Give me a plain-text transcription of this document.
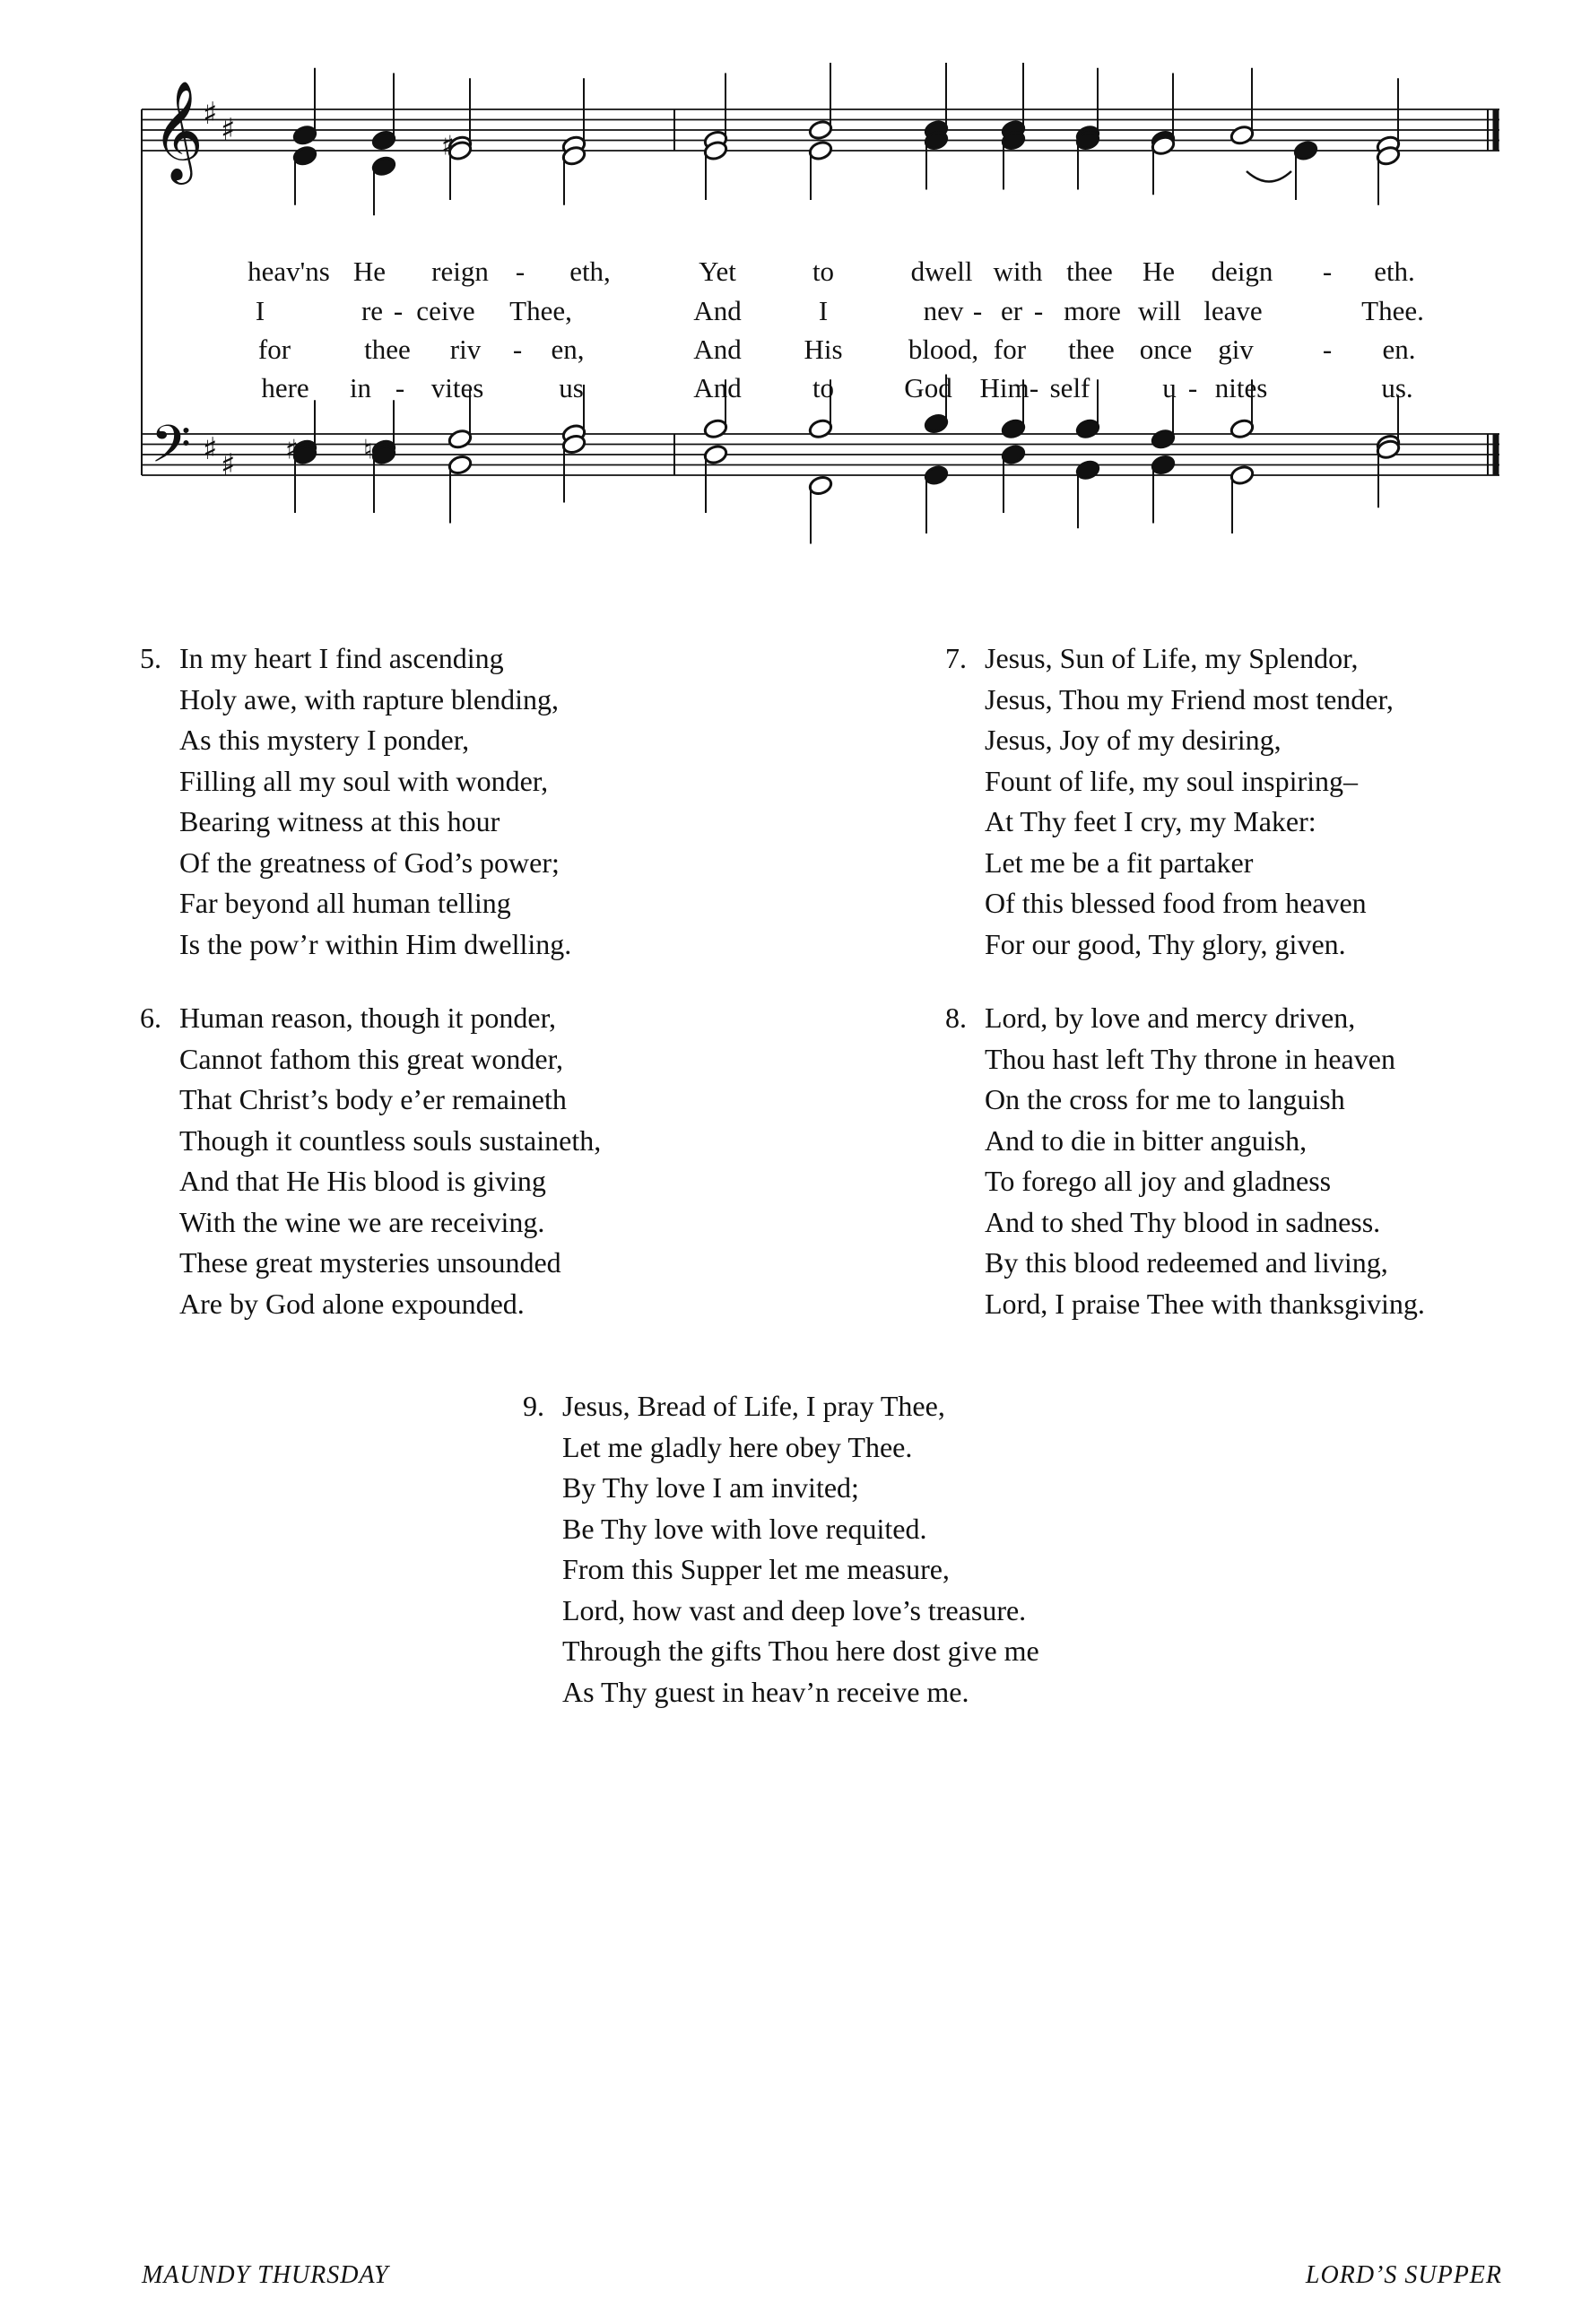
𝄞
𝄢
♯ ♯
♯ ♯
♯
♯ ♮
heav'ns He reign - eth,	Yet	to	dwell with thee He deign - eth.
I	re - ceive Thee,	And	I	nev - er - more will leave	Thee.
for	thee riv - en,	And His blood, for thee once giv - en.
here in - vites	us	And	to	God Him - self	u - nites	us.
5. In my heart I find ascending
Holy awe, with rapture blending,
As this mystery I ponder,
Filling all my soul with wonder,
Bearing witness at this hour
Of the greatness of God’s power;
Far beyond all human telling
Is the pow’r within Him dwelling.
7. Jesus, Sun of Life, my Splendor,
Jesus, Thou my Friend most tender,
Jesus, Joy of my desiring,
Fount of life, my soul inspiring–
At Thy feet I cry, my Maker:
Let me be a fit partaker
Of this blessed food from heaven
For our good, Thy glory, given.
6. Human reason, though it ponder,
Cannot fathom this great wonder,
That Christ’s body e’er remaineth
Though it countless souls sustaineth,
And that He His blood is giving
With the wine we are receiving.
These great mysteries unsounded
Are by God alone expounded.
8. Lord, by love and mercy driven,
Thou hast left Thy throne in heaven
On the cross for me to languish
And to die in bitter anguish,
To forego all joy and gladness
And to shed Thy blood in sadness.
By this blood redeemed and living,
Lord, I praise Thee with thanksgiving.
9. Jesus, Bread of Life, I pray Thee,
Let me gladly here obey Thee.
By Thy love I am invited;
Be Thy love with love requited.
From this Supper let me measure,
Lord, how vast and deep love’s treasure.
Through the gifts Thou here dost give me
As Thy guest in heav’n receive me.
MAUNDY THURSDAY	LORD’S SUPPER
